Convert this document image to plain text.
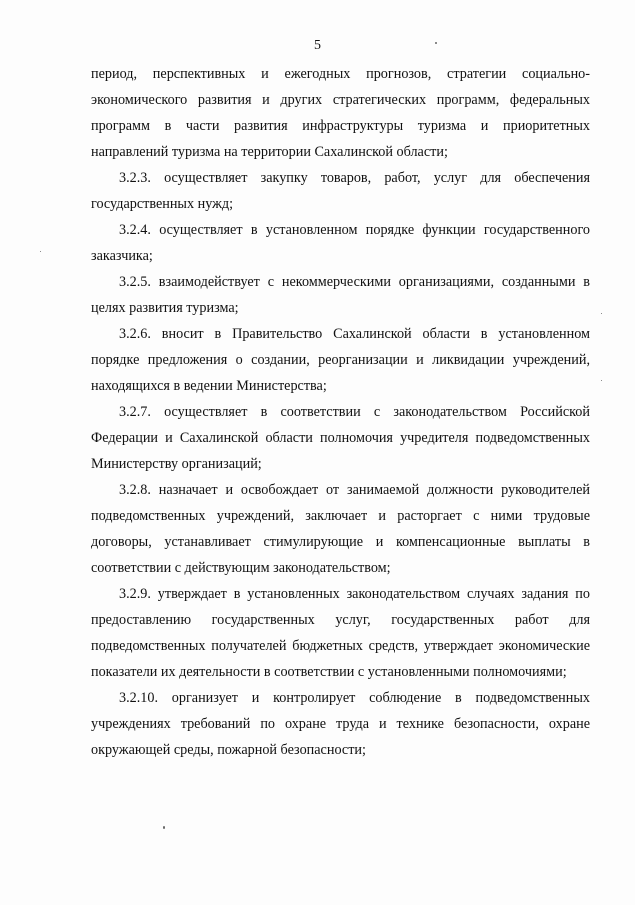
5

период, перспективных и ежегодных прогнозов, стратегии социально-экономического развития и других стратегических программ, федеральных программ в части развития инфраструктуры туризма и приоритетных направлений туризма на территории Сахалинской области;

3.2.3. осуществляет закупку товаров, работ, услуг для обеспечения государственных нужд;

3.2.4. осуществляет в установленном порядке функции государственного заказчика;

3.2.5. взаимодействует с некоммерческими организациями, созданными в целях развития туризма;

3.2.6. вносит в Правительство Сахалинской области в установленном порядке предложения о создании, реорганизации и ликвидации учреждений, находящихся в ведении Министерства;

3.2.7. осуществляет в соответствии с законодательством Российской Федерации и Сахалинской области полномочия учредителя подведомственных Министерству организаций;

3.2.8. назначает и освобождает от занимаемой должности руководителей подведомственных учреждений, заключает и расторгает с ними трудовые договоры, устанавливает стимулирующие и компенсационные выплаты в соответствии с действующим законодательством;

3.2.9. утверждает в установленных законодательством случаях задания по предоставлению государственных услуг, государственных работ для подведомственных получателей бюджетных средств, утверждает экономические показатели их деятельности в соответствии с установленными полномочиями;

3.2.10. организует и контролирует соблюдение в подведомственных учреждениях требований по охране труда и технике безопасности, охране окружающей среды, пожарной безопасности;
